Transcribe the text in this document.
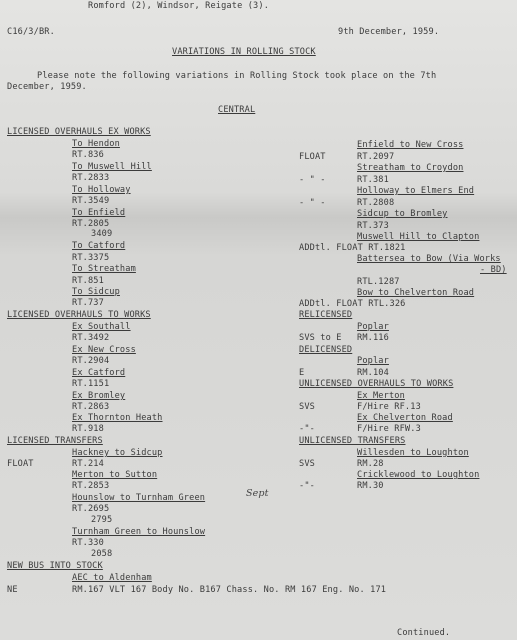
Romford (2), Windsor, Reigate (3).
C16/3/BR.	9th December, 1959.
VARIATIONS IN ROLLING STOCK
Please note the following variations in Rolling Stock took place on the 7th
December, 1959.
CENTRAL
LICENSED OVERHAULS EX WORKS
To Hendon
RT.836
To Muswell Hill
RT.2833
To Holloway
RT.3549
To Enfield
RT.2805
3409
To Catford
RT.3375
To Streatham
RT.851
To Sidcup
RT.737
LICENSED OVERHAULS TO WORKS
Ex Southall
RT.3492
Ex New Cross
RT.2904
Ex Catford
RT.1151
Ex Bromley
RT.2863
Ex Thornton Heath
RT.918
LICENSED TRANSFERS
Hackney to Sidcup
FLOAT	RT.214
Merton to Sutton
RT.2853
Hounslow to Turnham Green	Sept
RT.2695
2795
Turnham Green to Hounslow
RT.330
2058
NEW BUS INTO STOCK
AEC to Aldenham
NE	RM.167 VLT 167 Body No. B167 Chass. No. RM 167 Eng. No. 171
Enfield to New Cross
FLOAT	RT.2097
Streatham to Croydon
- " -	RT.381
Holloway to Elmers End
- " -	RT.2808
Sidcup to Bromley
RT.373
Muswell Hill to Clapton
ADDtl. FLOAT RT.1821
Battersea to Bow (Via Works
- BD)
RTL.1287
Bow to Chelverton Road
ADDtl. FLOAT RTL.326
RELICENSED
Poplar
SVS to E RM.116
DELICENSED
Poplar
E	RM.104
UNLICENSED OVERHAULS TO WORKS
Ex Merton
SVS	F/Hire RF.13
Ex Chelverton Road
-"-	F/Hire RFW.3
UNLICENSED TRANSFERS
Willesden to Loughton
SVS	RM.28
Cricklewood to Loughton
-"-	RM.30
Continued.
